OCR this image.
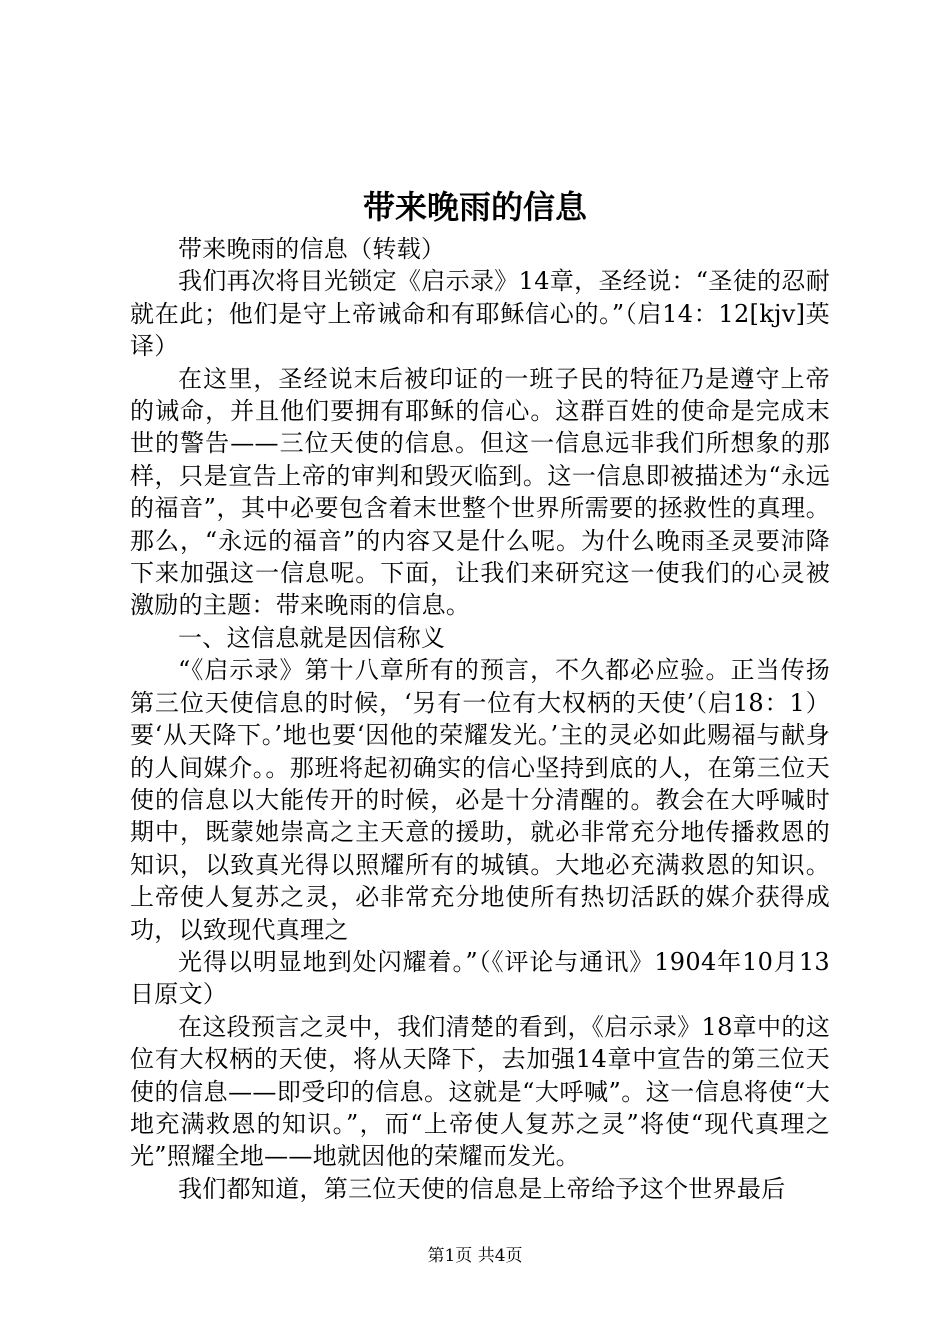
带来晚雨的信息

带来晚雨的信息（转载）

我们再次将目光锁定《启示录》14章，圣经说：“圣徒的忍耐就在此；他们是守上帝诫命和有耶稣信心的。”（启14：12[kjv]英译）

在这里，圣经说末后被印证的一班子民的特征乃是遵守上帝的诫命，并且他们要拥有耶稣的信心。这群百姓的使命是完成末世的警告——三位天使的信息。但这一信息远非我们所想象的那样，只是宣告上帝的审判和毁灭临到。这一信息即被描述为“永远的福音”，其中必要包含着末世整个世界所需要的拯救性的真理。那么，“永远的福音”的内容又是什么呢。为什么晚雨圣灵要沛降下来加强这一信息呢。下面，让我们来研究这一使我们的心灵被激励的主题：带来晚雨的信息。

一、这信息就是因信称义

“《启示录》第十八章所有的预言，不久都必应验。正当传扬第三位天使信息的时候，‘另有一位有大权柄的天使’（启18：1）要‘从天降下。’地也要‘因他的荣耀发光。’主的灵必如此赐福与献身的人间媒介。。那班将起初确实的信心坚持到底的人，在第三位天使的信息以大能传开的时候，必是十分清醒的。教会在大呼喊时期中，既蒙她崇高之主天意的援助，就必非常充分地传播救恩的知识，以致真光得以照耀所有的城镇。大地必充满救恩的知识。上帝使人复苏之灵，必非常充分地使所有热切活跃的媒介获得成功，以致现代真理之

光得以明显地到处闪耀着。”（《评论与通讯》1904年10月13日原文）

在这段预言之灵中，我们清楚的看到，《启示录》18章中的这位有大权柄的天使，将从天降下，去加强14章中宣告的第三位天使的信息——即受印的信息。这就是“大呼喊”。这一信息将使“大地充满救恩的知识。”，而“上帝使人复苏之灵”将使“现代真理之光”照耀全地——地就因他的荣耀而发光。

我们都知道，第三位天使的信息是上帝给予这个世界最后

第1页 共4页
